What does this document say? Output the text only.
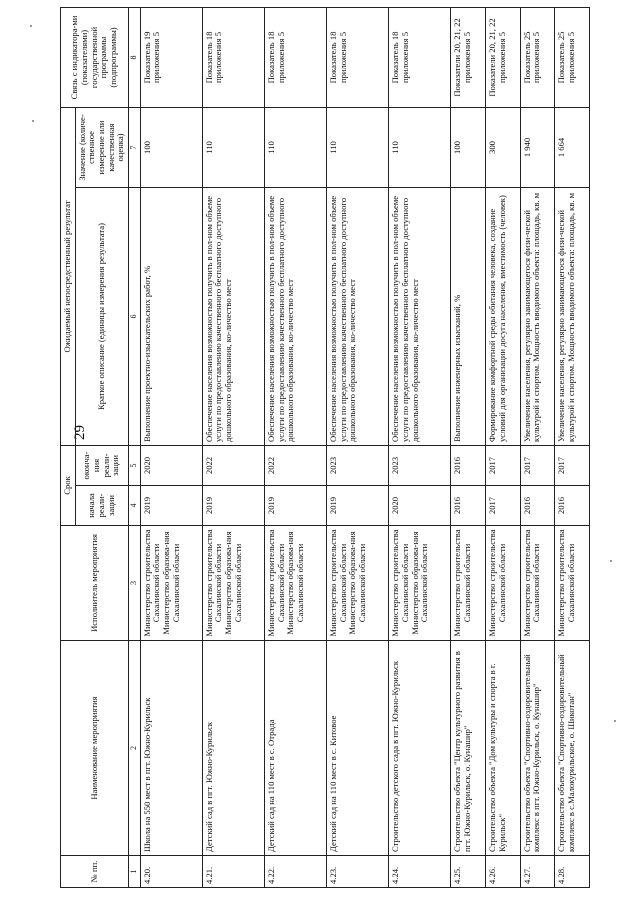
29
№ пп.	Наименование мероприятия	Исполнитель мероприятия	Срок		Ожидаемый непосредственный результат		Связь с индикатора-ми (показателями) государственной программы (подпрограммы)
			начала реали-зации	оконча-ния реали-зации	Краткое описание (единицы измерения результата)	Значение (количе-ственное измерение или качественная оценка)	
1	2	3	4	5	6	7	8
4.20.	Школа на 550 мест в пгт. Южно-Курильск	Министерство строительства Сахалинской области Министерство образова-ния Сахалинской области	2019	2020	Выполнение проектно-изыскательских работ, %	100	Показатель 19 приложения 5
4.21.	Детский сад в пгт. Южно-Курильск	Министерство строительства Сахалинской области Министерство образова-ния Сахалинской области	2019	2022	Обеспечение населения возможностью получить в пол-ном объеме услуги по предоставлению качественного бесплатного доступного дошкольного образования, ко-личество мест	110	Показатель 18 приложения 5
4.22.	Детский сад на 110 мест в с. Отрада	Министерство строительства Сахалинской области Министерство образова-ния Сахалинской области	2019	2022	Обеспечение населения возможностью получить в пол-ном объеме услуги по предоставлению качественного бесплатного доступного дошкольного образования, ко-личество мест	110	Показатель 18 приложения 5
4.23.	Детский сад на 110 мест в с. Китовое	Министерство строительства Сахалинской области Министерство образова-ния Сахалинской области	2019	2023	Обеспечение населения возможностью получить в пол-ном объеме услуги по предоставлению качественного бесплатного доступного дошкольного образования, ко-личество мест	110	Показатель 18 приложения 5
4.24.	Строительство детского сада в пгт. Южно-Курильск	Министерство строительства Сахалинской области Министерство образова-ния Сахалинской области	2020	2023	Обеспечение населения возможностью получить в пол-ном объеме услуги по предоставлению качественного бесплатного доступного дошкольного образования, ко-личество мест	110	Показатель 18 приложения 5
4.25.	Строительство объекта "Центр культурного развития в пгт. Южно-Курильск, о. Кунашир"	Министерство строительства Сахалинской области	2016	2016	Выполнение инженерных изысканий, %	100	Показатели 20, 21, 22 приложения 5
4.26.	Строительство объекта "Дом культуры и спорта в г. Курильск"	Министерство строительства Сахалинской области	2017	2017	Формирование комфортной среды обитания человека, создание условий для организации досуга населения, вместимость (человек)	300	Показатели 20, 21, 22 приложения 5
4.27.	Строительство объекта "Спортивно-оздоровительный комплекс в пгт. Южно-Курильск, о. Кунашир"	Министерство строительства Сахалинской области	2016	2017	Увеличение населения, регулярно занимающегося физи-ческой культурой и спортом. Мощность вводимого объекта: площадь, кв. м	1 940	Показатель 25 приложения 5
4.28.	Строительство объекта "Спортивно-оздоровительный комплекс в с.Малокурильское, о. Шикотан"	Министерство строительства Сахалинской области	2016	2017	Увеличение населения, регулярно занимающегося физи-ческой культурой и спортом. Мощность вводимого объекта: площадь, кв. м	1 664	Показатель 25 приложения 5
